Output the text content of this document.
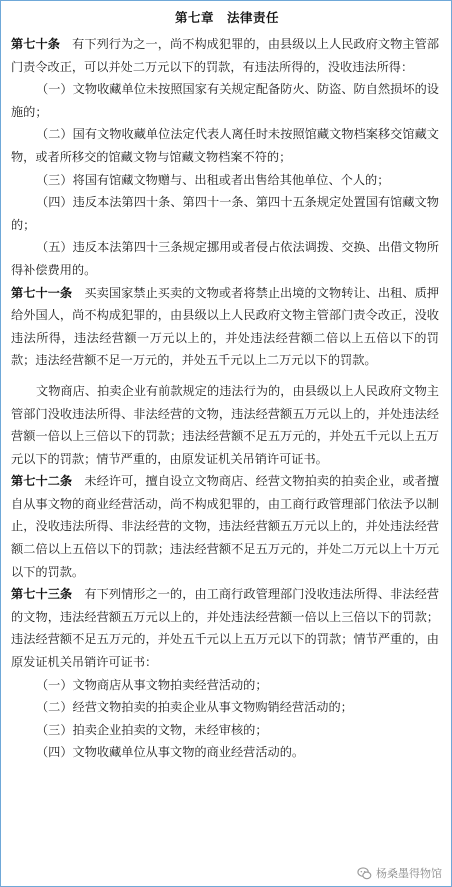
第七章　法律责任

第七十条　有下列行为之一，尚不构成犯罪的，由县级以上人民政府文物主管部门责令改正，可以并处二万元以下的罚款，有违法所得的，没收违法所得：

（一）文物收藏单位未按照国家有关规定配备防火、防盗、防自然损坏的设施的；

（二）国有文物收藏单位法定代表人离任时未按照馆藏文物档案移交馆藏文物，或者所移交的馆藏文物与馆藏文物档案不符的；

（三）将国有馆藏文物赠与、出租或者出售给其他单位、个人的；

（四）违反本法第四十条、第四十一条、第四十五条规定处置国有馆藏文物的；

（五）违反本法第四十三条规定挪用或者侵占依法调拨、交换、出借文物所得补偿费用的。

第七十一条　买卖国家禁止买卖的文物或者将禁止出境的文物转让、出租、质押给外国人，尚不构成犯罪的，由县级以上人民政府文物主管部门责令改正，没收违法所得，违法经营额一万元以上的，并处违法经营额二倍以上五倍以下的罚款；违法经营额不足一万元的，并处五千元以上二万元以下的罚款。

文物商店、拍卖企业有前款规定的违法行为的，由县级以上人民政府文物主管部门没收违法所得、非法经营的文物，违法经营额五万元以上的，并处违法经营额一倍以上三倍以下的罚款；违法经营额不足五万元的，并处五千元以上五万元以下的罚款；情节严重的，由原发证机关吊销许可证书。

第七十二条　未经许可，擅自设立文物商店、经营文物拍卖的拍卖企业，或者擅自从事文物的商业经营活动，尚不构成犯罪的，由工商行政管理部门依法予以制止，没收违法所得、非法经营的文物，违法经营额五万元以上的，并处违法经营额二倍以上五倍以下的罚款；违法经营额不足五万元的，并处二万元以上十万元以下的罚款。

第七十三条　有下列情形之一的，由工商行政管理部门没收违法所得、非法经营的文物，违法经营额五万元以上的，并处违法经营额一倍以上三倍以下的罚款；违法经营额不足五万元的，并处五千元以上五万元以下的罚款；情节严重的，由原发证机关吊销许可证书：

（一）文物商店从事文物拍卖经营活动的；

（二）经营文物拍卖的拍卖企业从事文物购销经营活动的；

（三）拍卖企业拍卖的文物，未经审核的；

（四）文物收藏单位从事文物的商业经营活动的。

杨桑墨得物馆
